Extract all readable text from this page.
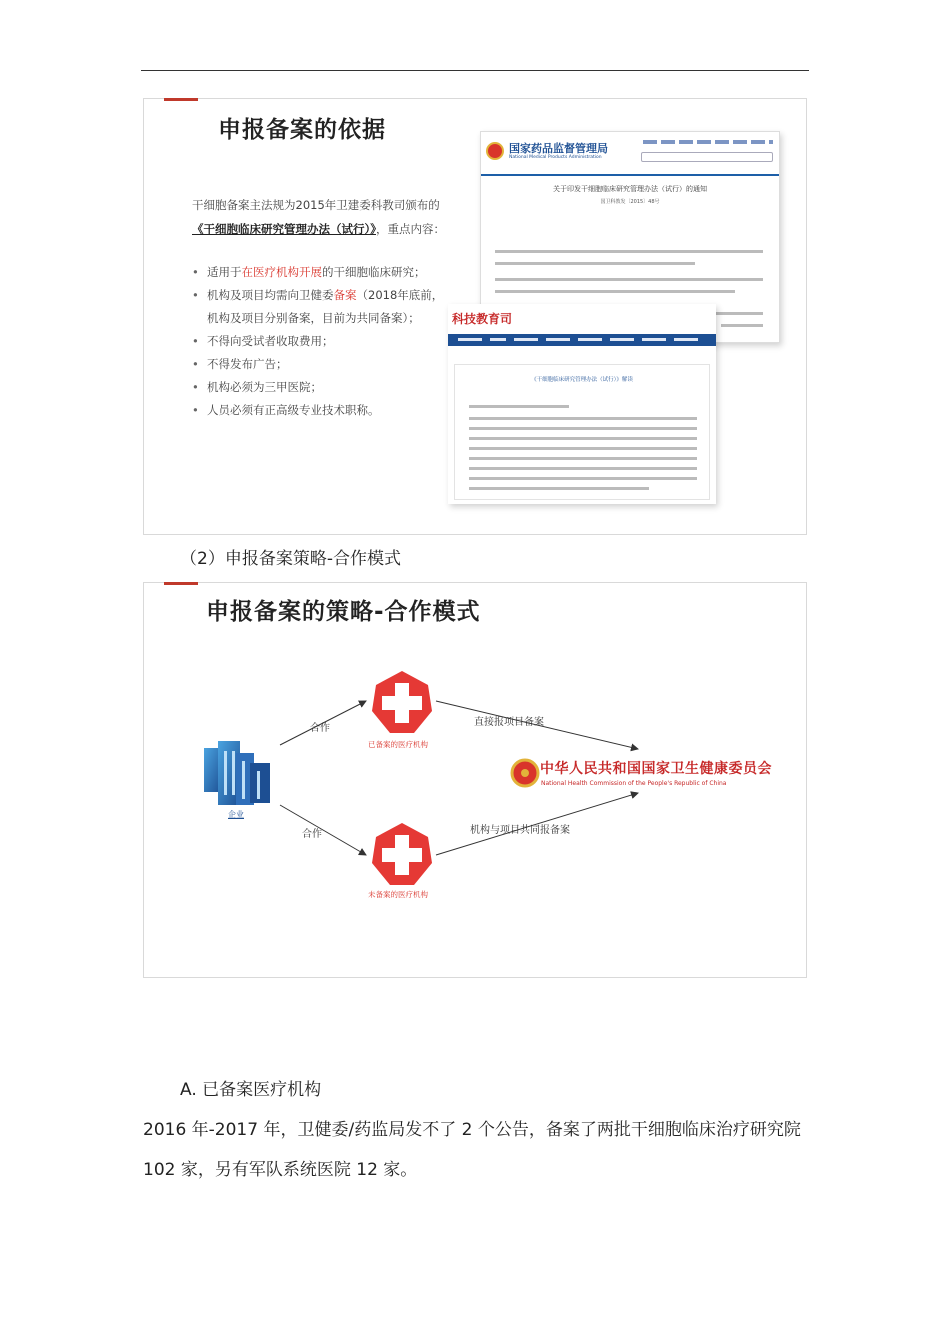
申报备案的依据
干细胞备案主法规为2015年卫建委科教司颁布的
《干细胞临床研究管理办法（试行）》，重点内容：
• 适用于在医疗机构开展的干细胞临床研究；
• 机构及项目均需向卫健委备案（2018年底前，
机构及项目分别备案，目前为共同备案）；
• 不得向受试者收取费用；
• 不得发布广告；
• 机构必须为三甲医院；
• 人员必须有正高级专业技术职称。
国家药品监督管理局
National Medical Products Administration
关于印发干细胞临床研究管理办法（试行）的通知
国卫科教发〔2015〕48号
科技教育司
《干细胞临床研究管理办法（试行）》解读
（2）申报备案策略-合作模式
申报备案的策略-合作模式
合作
合作
已备案的医疗机构
未备案的医疗机构
直接报项目备案
机构与项目共同报备案
企业
中华人民共和国国家卫生健康委员会
National Health Commission of the People's Republic of China
A. 已备案医疗机构
2016 年-2017 年，卫健委/药监局发不了 2 个公告，备案了两批干细胞临床治疗研究院 102 家，另有军队系统医院 12 家。
